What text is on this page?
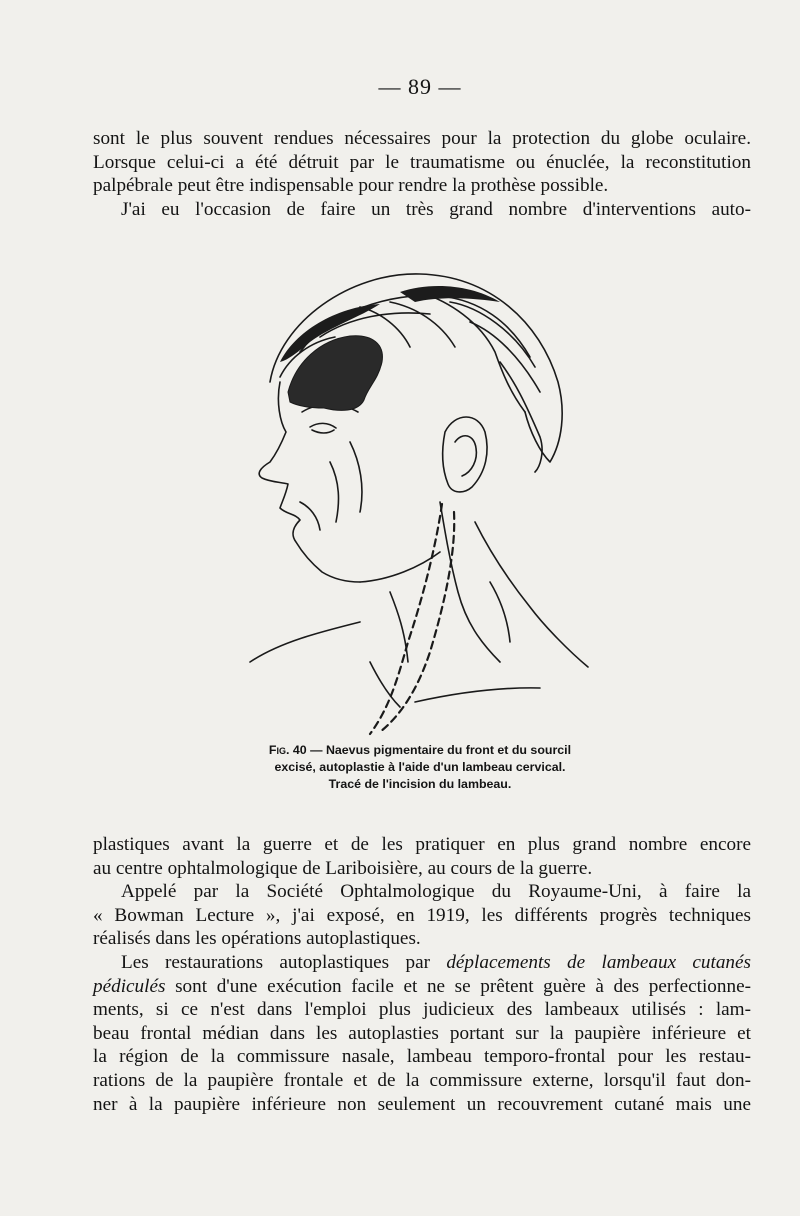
— 89 —

sont le plus souvent rendues nécessaires pour la protection du globe oculaire.
Lorsque celui-ci a été détruit par le traumatisme ou énuclée, la reconstitution
palpébrale peut être indispensable pour rendre la prothèse possible.
J'ai eu l'occasion de faire un très grand nombre d'interventions auto-

Fig. 40 — Naevus pigmentaire du front et du sourcil
excisé, autoplastie à l'aide d'un lambeau cervical.
Tracé de l'incision du lambeau.

plastiques avant la guerre et de les pratiquer en plus grand nombre encore
au centre ophtalmologique de Lariboisière, au cours de la guerre.
Appelé par la Société Ophtalmologique du Royaume-Uni, à faire la
« Bowman Lecture », j'ai exposé, en 1919, les différents progrès techniques
réalisés dans les opérations autoplastiques.
Les restaurations autoplastiques par déplacements de lambeaux cutanés
pédiculés sont d'une exécution facile et ne se prêtent guère à des perfectionne-
ments, si ce n'est dans l'emploi plus judicieux des lambeaux utilisés : lam-
beau frontal médian dans les autoplasties portant sur la paupière inférieure et
la région de la commissure nasale, lambeau temporo-frontal pour les restau-
rations de la paupière frontale et de la commissure externe, lorsqu'il faut don-
ner à la paupière inférieure non seulement un recouvrement cutané mais une
